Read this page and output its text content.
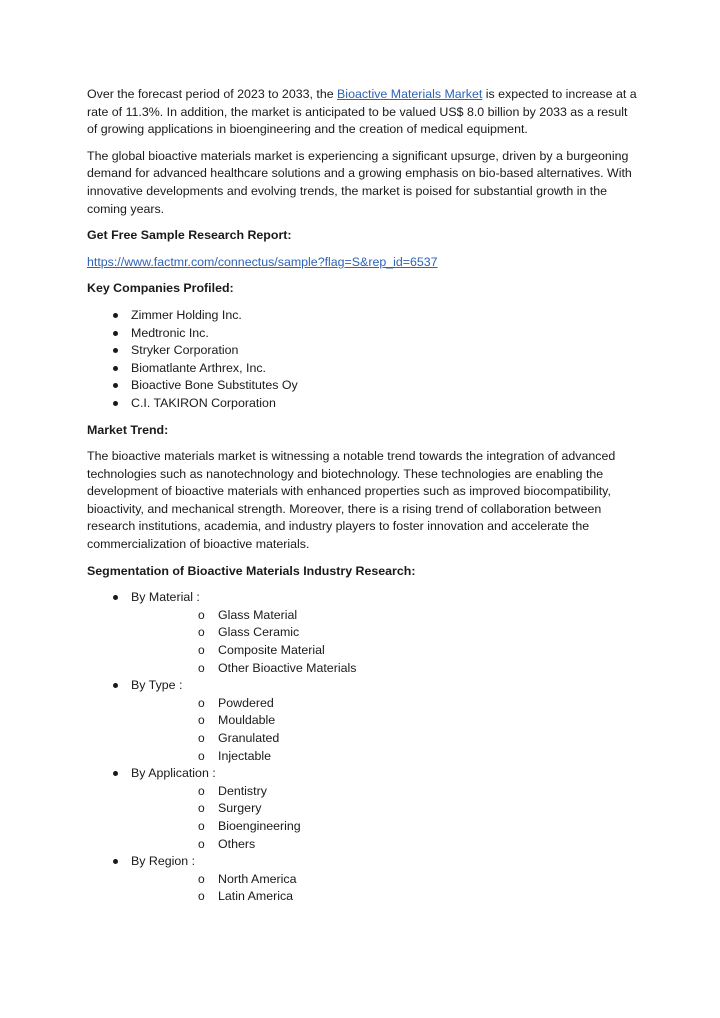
Over the forecast period of 2023 to 2033, the Bioactive Materials Market is expected to increase at a rate of 11.3%. In addition, the market is anticipated to be valued US$ 8.0 billion by 2033 as a result of growing applications in bioengineering and the creation of medical equipment.

The global bioactive materials market is experiencing a significant upsurge, driven by a burgeoning demand for advanced healthcare solutions and a growing emphasis on bio-based alternatives. With innovative developments and evolving trends, the market is poised for substantial growth in the coming years.

Get Free Sample Research Report:

https://www.factmr.com/connectus/sample?flag=S&rep_id=6537

Key Companies Profiled:

Zimmer Holding Inc.
Medtronic Inc.
Stryker Corporation
Biomatlante Arthrex, Inc.
Bioactive Bone Substitutes Oy
C.I. TAKIRON Corporation

Market Trend:

The bioactive materials market is witnessing a notable trend towards the integration of advanced technologies such as nanotechnology and biotechnology. These technologies are enabling the development of bioactive materials with enhanced properties such as improved biocompatibility, bioactivity, and mechanical strength. Moreover, there is a rising trend of collaboration between research institutions, academia, and industry players to foster innovation and accelerate the commercialization of bioactive materials.

Segmentation of Bioactive Materials Industry Research:

By Material :
o Glass Material
o Glass Ceramic
o Composite Material
o Other Bioactive Materials
By Type :
o Powdered
o Mouldable
o Granulated
o Injectable
By Application :
o Dentistry
o Surgery
o Bioengineering
o Others
By Region :
o North America
o Latin America
